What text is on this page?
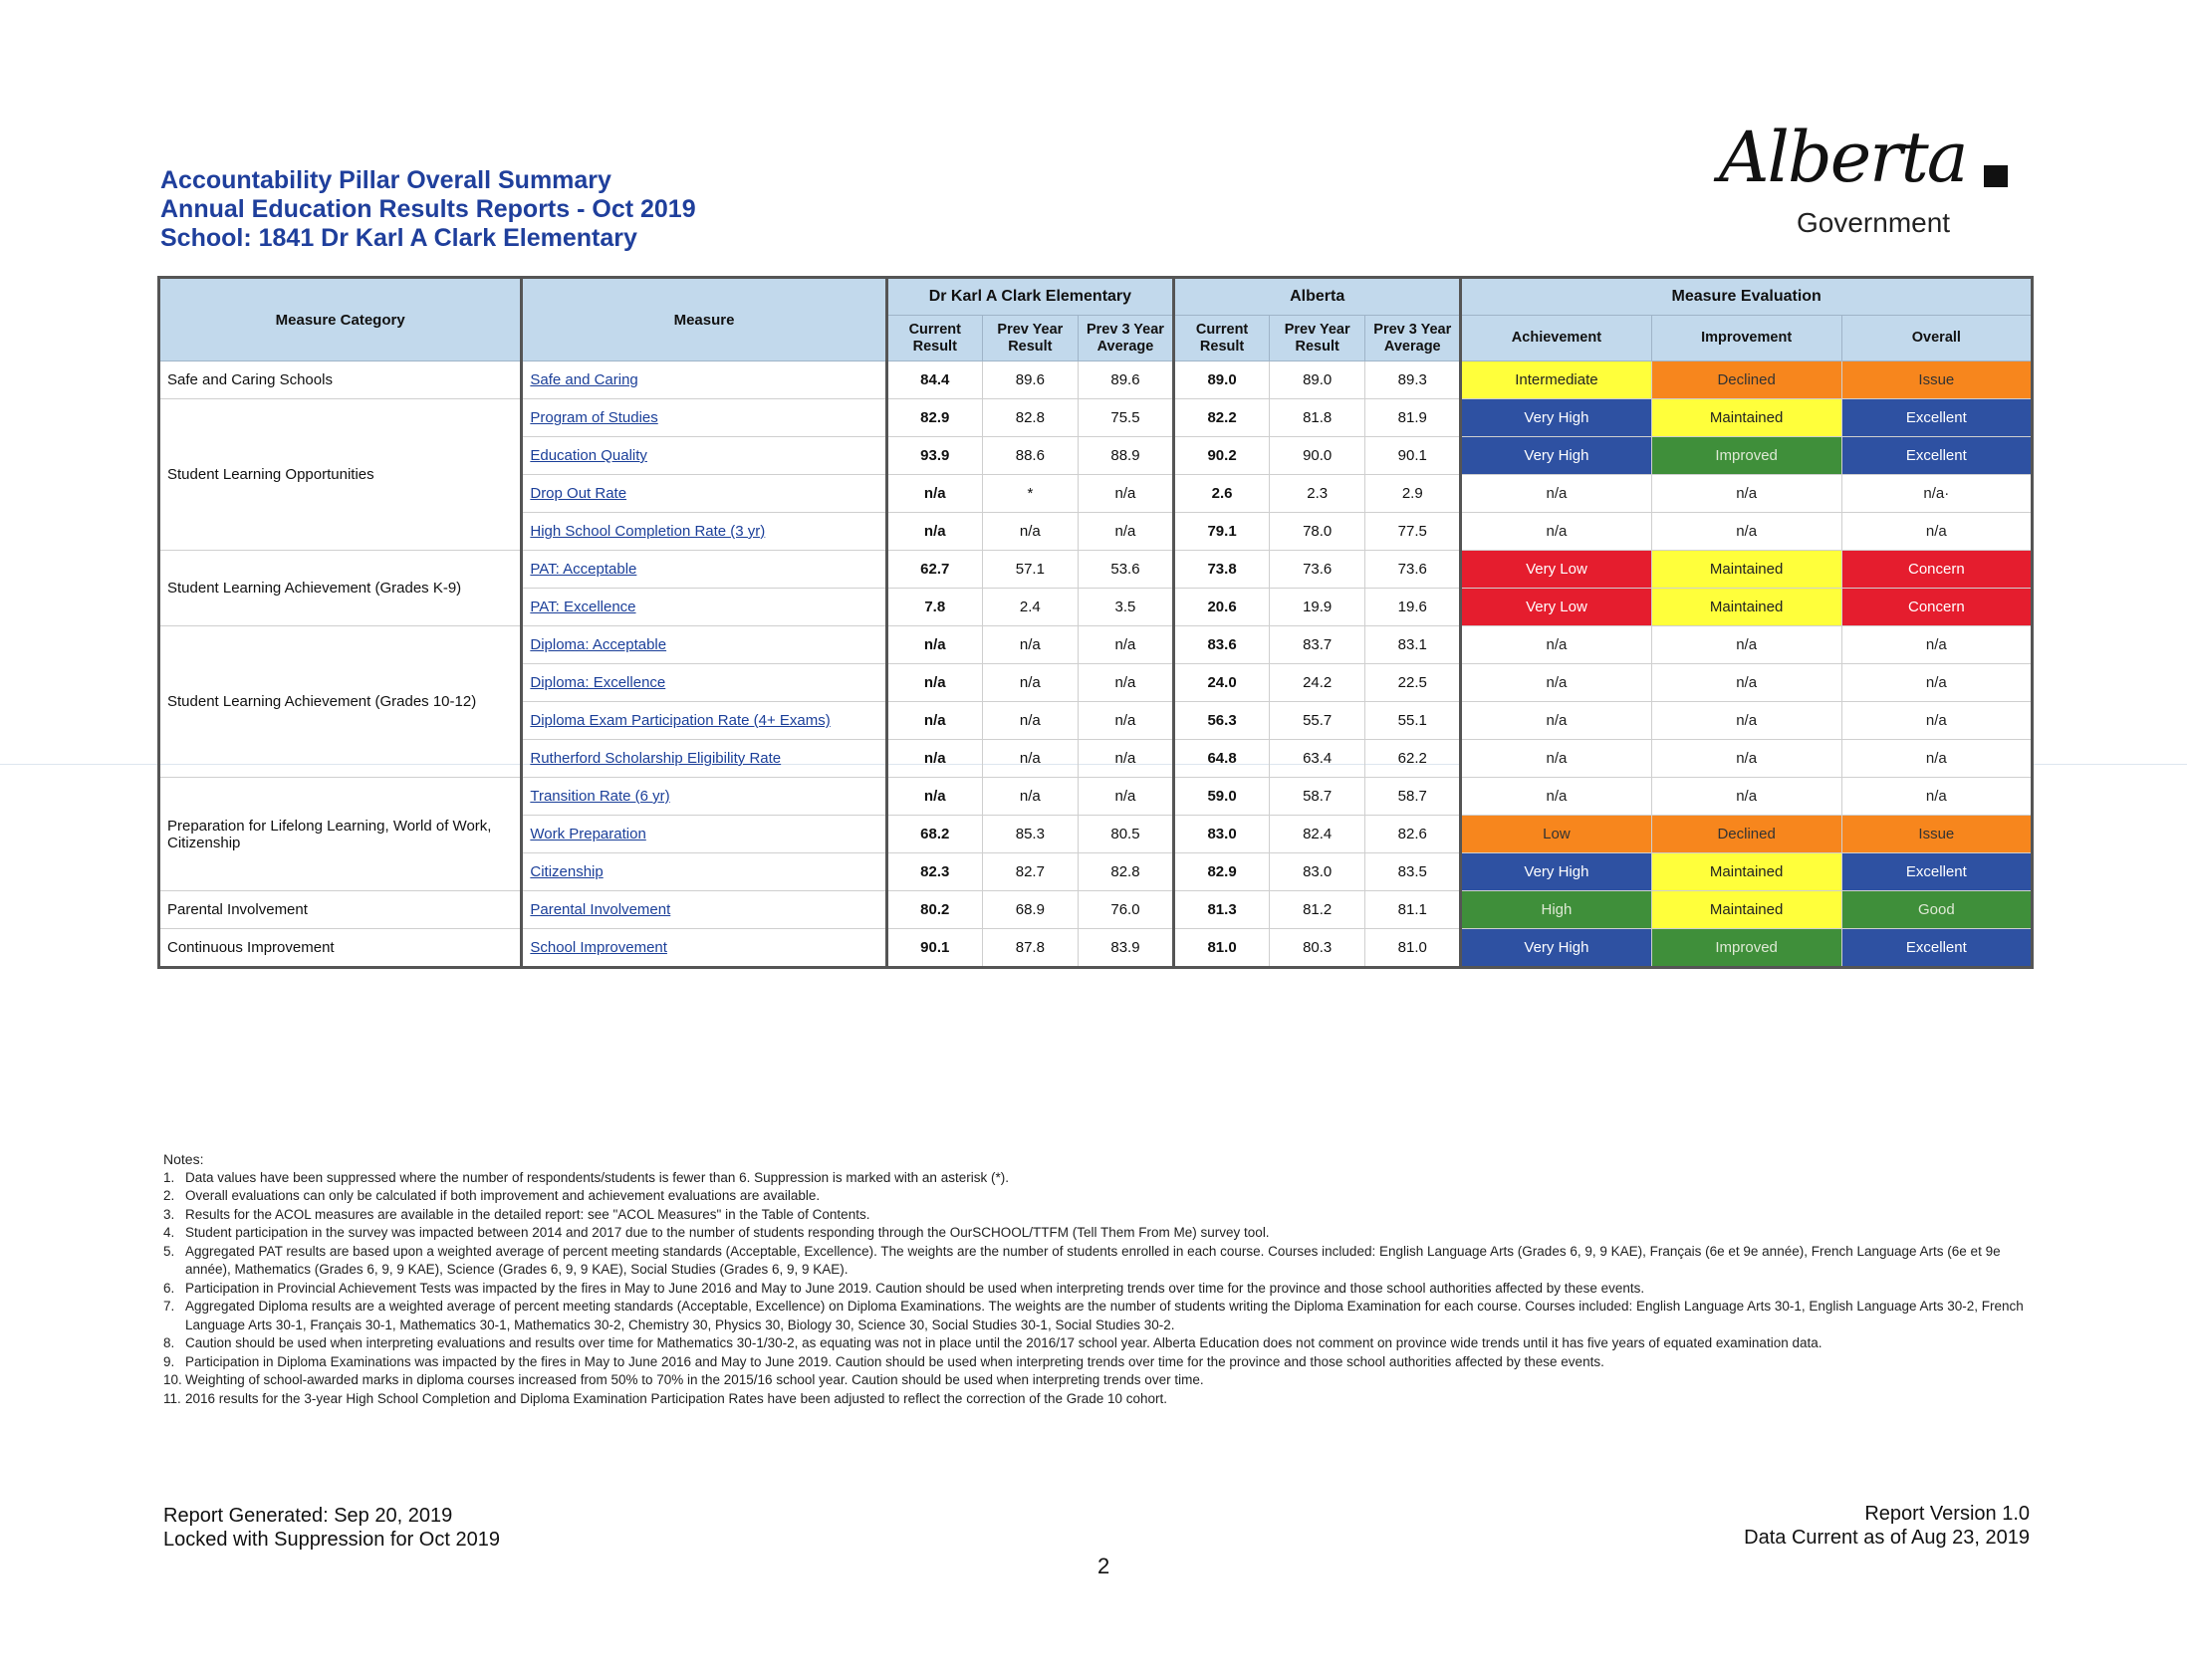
Accountability Pillar Overall Summary
Annual Education Results Reports - Oct 2019
School: 1841 Dr Karl A Clark Elementary
Alberta
Government
Measure Category	Measure	Dr Karl A Clark Elementary			Alberta			Measure Evaluation		
		Current Result	Prev Year Result	Prev 3 Year Average	Current Result	Prev Year Result	Prev 3 Year Average	Achievement	Improvement	Overall
Safe and Caring Schools	Safe and Caring	84.4	89.6	89.6	89.0	89.0	89.3	Intermediate	Declined	Issue
Student Learning Opportunities	Program of Studies	82.9	82.8	75.5	82.2	81.8	81.9	Very High	Maintained	Excellent
	Education Quality	93.9	88.6	88.9	90.2	90.0	90.1	Very High	Improved	Excellent
	Drop Out Rate	n/a	*	n/a	2.6	2.3	2.9	n/a	n/a	n/a·
	High School Completion Rate (3 yr)	n/a	n/a	n/a	79.1	78.0	77.5	n/a	n/a	n/a
Student Learning Achievement (Grades K-9)	PAT: Acceptable	62.7	57.1	53.6	73.8	73.6	73.6	Very Low	Maintained	Concern
	PAT: Excellence	7.8	2.4	3.5	20.6	19.9	19.6	Very Low	Maintained	Concern
Student Learning Achievement (Grades 10-12)	Diploma: Acceptable	n/a	n/a	n/a	83.6	83.7	83.1	n/a	n/a	n/a
	Diploma: Excellence	n/a	n/a	n/a	24.0	24.2	22.5	n/a	n/a	n/a
	Diploma Exam Participation Rate (4+ Exams)	n/a	n/a	n/a	56.3	55.7	55.1	n/a	n/a	n/a
	Rutherford Scholarship Eligibility Rate	n/a	n/a	n/a	64.8	63.4	62.2	n/a	n/a	n/a
Preparation for Lifelong Learning, World of Work, Citizenship	Transition Rate (6 yr)	n/a	n/a	n/a	59.0	58.7	58.7	n/a	n/a	n/a
	Work Preparation	68.2	85.3	80.5	83.0	82.4	82.6	Low	Declined	Issue
	Citizenship	82.3	82.7	82.8	82.9	83.0	83.5	Very High	Maintained	Excellent
Parental Involvement	Parental Involvement	80.2	68.9	76.0	81.3	81.2	81.1	High	Maintained	Good
Continuous Improvement	School Improvement	90.1	87.8	83.9	81.0	80.3	81.0	Very High	Improved	Excellent
Notes:
1. Data values have been suppressed where the number of respondents/students is fewer than 6. Suppression is marked with an asterisk (*).
2. Overall evaluations can only be calculated if both improvement and achievement evaluations are available.
3. Results for the ACOL measures are available in the detailed report: see "ACOL Measures" in the Table of Contents.
4. Student participation in the survey was impacted between 2014 and 2017 due to the number of students responding through the OurSCHOOL/TTFM (Tell Them From Me) survey tool.
5. Aggregated PAT results are based upon a weighted average of percent meeting standards (Acceptable, Excellence). The weights are the number of students enrolled in each course. Courses included: English Language Arts (Grades 6, 9, 9 KAE), Français (6e et 9e année), French Language Arts (6e et 9e année), Mathematics (Grades 6, 9, 9 KAE), Science (Grades 6, 9, 9 KAE), Social Studies (Grades 6, 9, 9 KAE).
6. Participation in Provincial Achievement Tests was impacted by the fires in May to June 2016 and May to June 2019. Caution should be used when interpreting trends over time for the province and those school authorities affected by these events.
7. Aggregated Diploma results are a weighted average of percent meeting standards (Acceptable, Excellence) on Diploma Examinations. The weights are the number of students writing the Diploma Examination for each course. Courses included: English Language Arts 30-1, English Language Arts 30-2, French Language Arts 30-1, Français 30-1, Mathematics 30-1, Mathematics 30-2, Chemistry 30, Physics 30, Biology 30, Science 30, Social Studies 30-1, Social Studies 30-2.
8. Caution should be used when interpreting evaluations and results over time for Mathematics 30-1/30-2, as equating was not in place until the 2016/17 school year. Alberta Education does not comment on province wide trends until it has five years of equated examination data.
9. Participation in Diploma Examinations was impacted by the fires in May to June 2016 and May to June 2019. Caution should be used when interpreting trends over time for the province and those school authorities affected by these events.
10. Weighting of school-awarded marks in diploma courses increased from 50% to 70% in the 2015/16 school year. Caution should be used when interpreting trends over time.
11. 2016 results for the 3-year High School Completion and Diploma Examination Participation Rates have been adjusted to reflect the correction of the Grade 10 cohort.
Report Generated: Sep 20, 2019
Locked with Suppression for Oct 2019
Report Version 1.0
Data Current as of Aug 23, 2019
2
